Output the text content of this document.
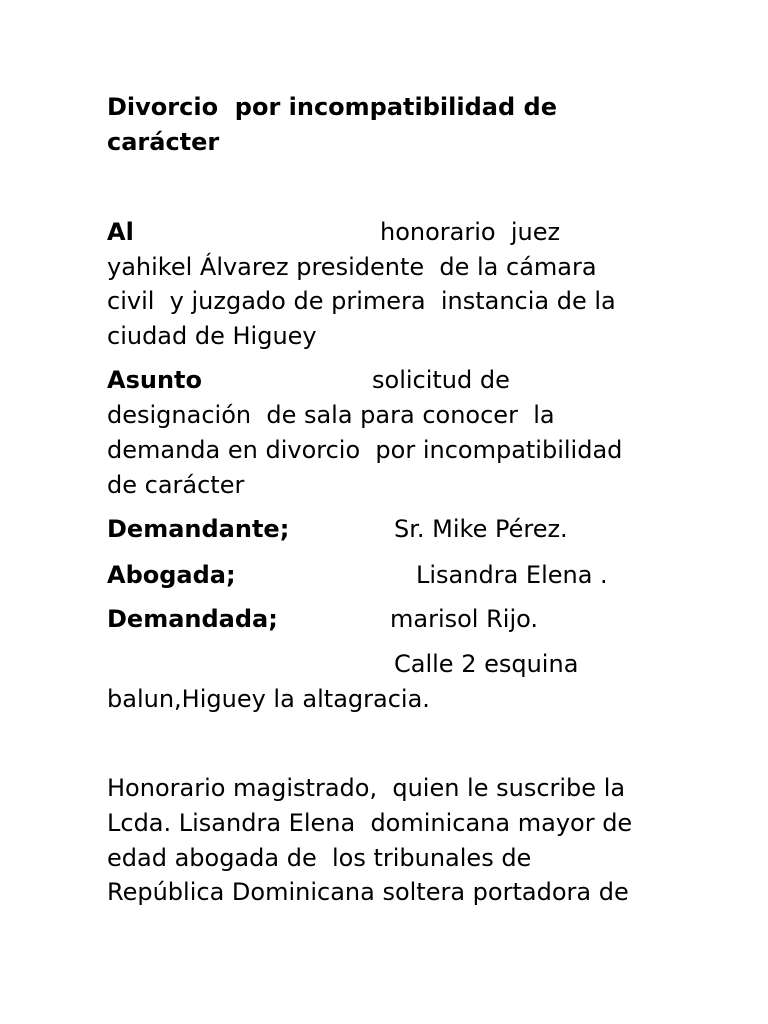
Divorcio  por incompatibilidad de
carácter
Al	honorario  juez
yahikel Álvarez presidente  de la cámara
civil  y juzgado de primera  instancia de la
ciudad de Higuey
Asunto	solicitud de
designación  de sala para conocer  la
demanda en divorcio  por incompatibilidad
de carácter
Demandante;	Sr. Mike Pérez.
Abogada;	Lisandra Elena .
Demandada;	marisol Rijo.
Calle 2 esquina
balun,Higuey la altagracia.
Honorario magistrado,  quien le suscribe la
Lcda. Lisandra Elena  dominicana mayor de
edad abogada de  los tribunales de
República Dominicana soltera portadora de
